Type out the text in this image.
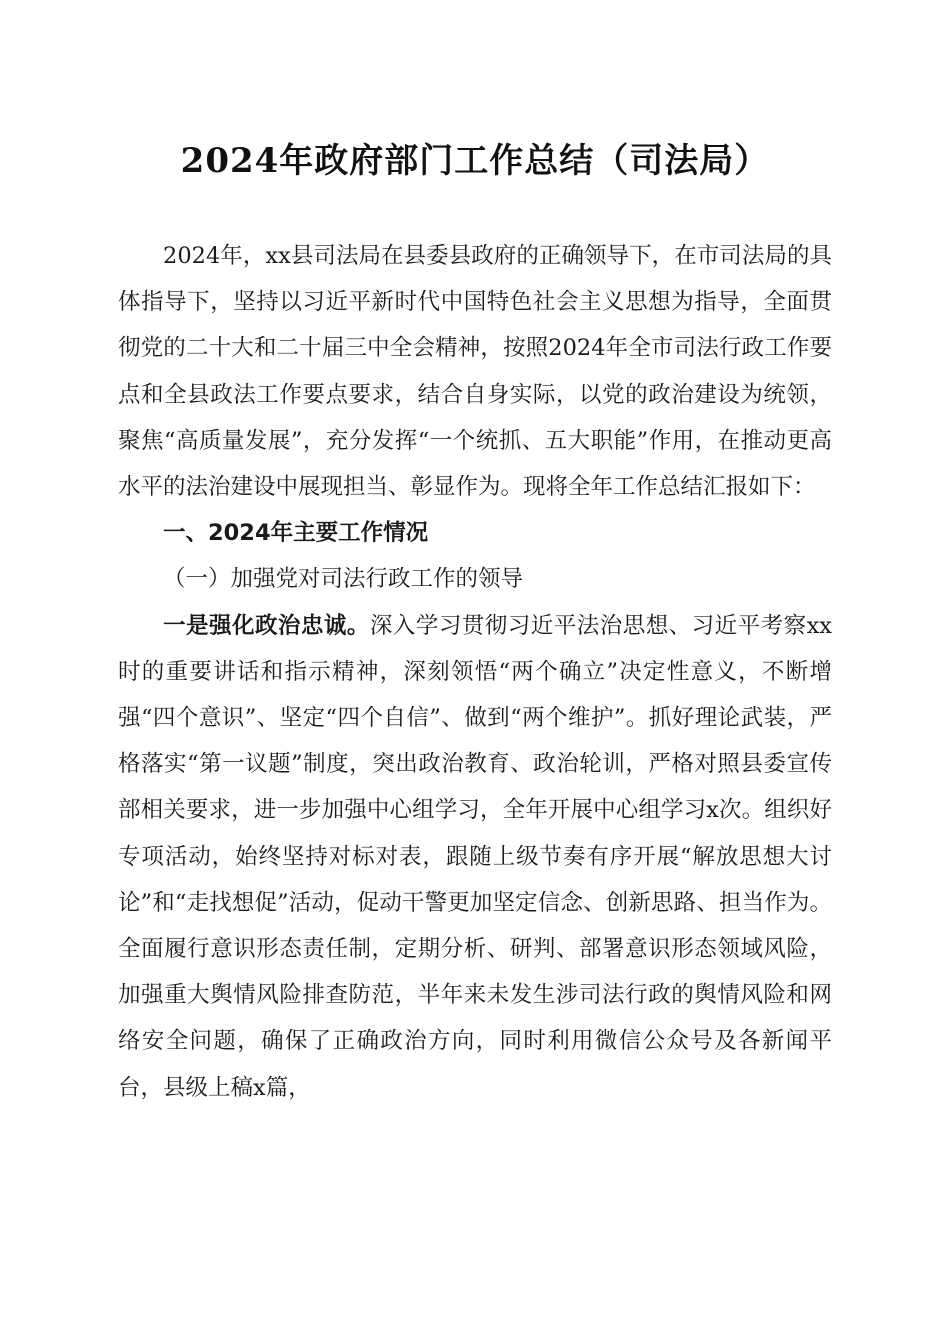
2024年政府部门工作总结（司法局）

2024年，xx县司法局在县委县政府的正确领导下，在市司法局的具体指导下，坚持以习近平新时代中国特色社会主义思想为指导，全面贯彻党的二十大和二十届三中全会精神，按照2024年全市司法行政工作要点和全县政法工作要点要求，结合自身实际，以党的政治建设为统领，聚焦“高质量发展”，充分发挥“一个统抓、五大职能”作用，在推动更高水平的法治建设中展现担当、彰显作为。现将全年工作总结汇报如下：

一、2024年主要工作情况

（一）加强党对司法行政工作的领导

一是强化政治忠诚。深入学习贯彻习近平法治思想、习近平考察xx时的重要讲话和指示精神，深刻领悟“两个确立”决定性意义，不断增强“四个意识”、坚定“四个自信”、做到“两个维护”。抓好理论武装，严格落实“第一议题”制度，突出政治教育、政治轮训，严格对照县委宣传部相关要求，进一步加强中心组学习，全年开展中心组学习x次。组织好专项活动，始终坚持对标对表，跟随上级节奏有序开展“解放思想大讨论”和“走找想促”活动，促动干警更加坚定信念、创新思路、担当作为。全面履行意识形态责任制，定期分析、研判、部署意识形态领域风险，加强重大舆情风险排查防范，半年来未发生涉司法行政的舆情风险和网络安全问题，确保了正确政治方向，同时利用微信公众号及各新闻平台，县级上稿x篇，
